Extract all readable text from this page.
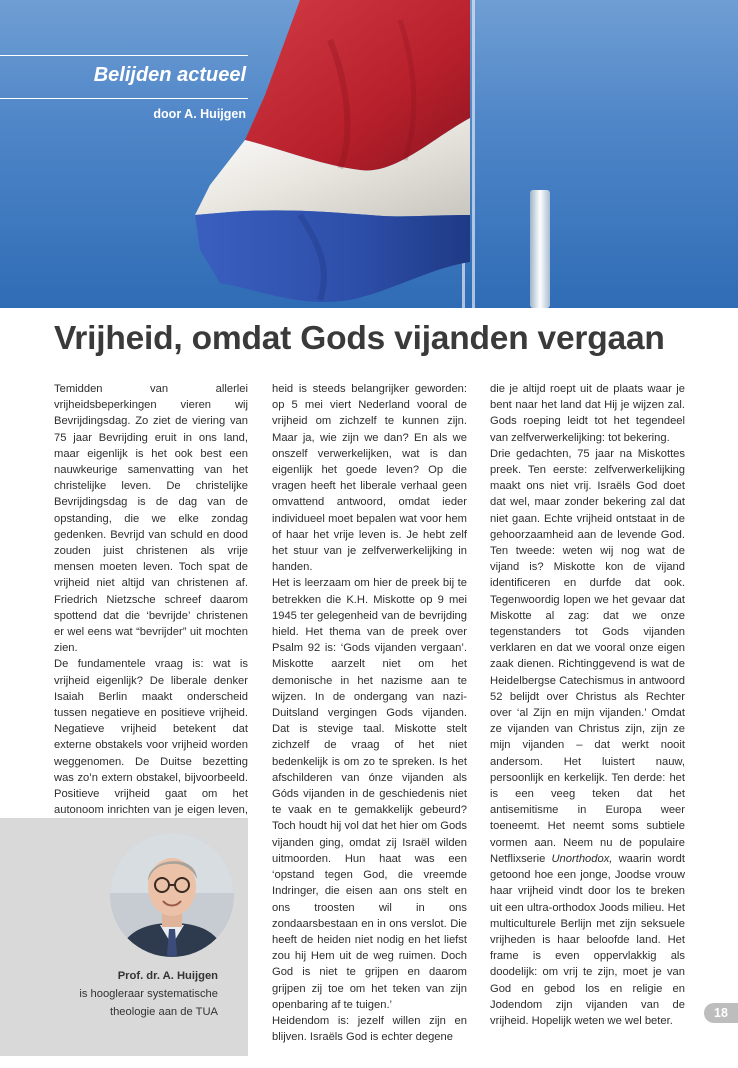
Belijden actueel
door A. Huijgen
Vrijheid, omdat Gods vijanden vergaan

Temidden van allerlei vrijheidsbeperkingen vieren wij Bevrijdingsdag. Zo ziet de viering van 75 jaar Bevrijding eruit in ons land, maar eigenlijk is het ook best een nauwkeurige samenvatting van het christelijke leven. De christelijke Bevrijdingsdag is de dag van de opstanding, die we elke zondag gedenken. Bevrijd van schuld en dood zouden juist christenen als vrije mensen moeten leven. Toch spat de vrijheid niet altijd van christenen af. Friedrich Nietzsche schreef daarom spottend dat die ‘bevrijde’ christenen er wel eens wat “bevrijder” uit mochten zien.

De fundamentele vraag is: wat is vrijheid eigenlijk? De liberale denker Isaiah Berlin maakt onderscheid tussen negatieve en positieve vrijheid. Negatieve vrijheid betekent dat externe obstakels voor vrijheid worden weggenomen. De Duitse bezetting was zo’n extern obstakel, bijvoorbeeld. Positieve vrijheid gaat om het autonoom inrichten van je eigen leven,

heid is steeds belangrijker geworden: op 5 mei viert Nederland vooral de vrijheid om zichzelf te kunnen zijn. Maar ja, wie zijn we dan? En als we onszelf verwerkelijken, wat is dan eigenlijk het goede leven? Op die vragen heeft het liberale verhaal geen omvattend antwoord, omdat ieder individueel moet bepalen wat voor hem of haar het vrije leven is. Je hebt zelf het stuur van je zelfverwerkelijking in handen.

Het is leerzaam om hier de preek bij te betrekken die K.H. Miskotte op 9 mei 1945 ter gelegenheid van de bevrijding hield. Het thema van de preek over Psalm 92 is: ‘Gods vijanden vergaan’. Miskotte aarzelt niet om het demonische in het nazisme aan te wijzen. In de ondergang van nazi-Duitsland vergingen Gods vijanden. Dat is stevige taal. Miskotte stelt zichzelf de vraag of het niet bedenkelijk is om zo te spreken. Is het afschilderen van ónze vijanden als Góds vijanden in de geschiedenis niet te vaak en te gemakkelijk gebeurd? Toch houdt hij vol dat het hier om Gods vijanden ging, omdat zij Israël wilden uitmoorden. Hun haat was een ‘opstand tegen God, die vreemde Indringer, die eisen aan ons stelt en ons troosten wil in ons zondaarsbestaan en in ons verslot. Die heeft de heiden niet nodig en het liefst zou hij Hem uit de weg ruimen. Doch God is niet te grijpen en daarom grijpen zij toe om het teken van zijn openbaring af te tuigen.’

Heidendom is: jezelf willen zijn en blijven. Israëls God is echter degene

die je altijd roept uit de plaats waar je bent naar het land dat Hij je wijzen zal. Gods roeping leidt tot het tegendeel van zelfverwerkelijking: tot bekering.

Drie gedachten, 75 jaar na Miskottes preek. Ten eerste: zelfverwerkelijking maakt ons niet vrij. Israëls God doet dat wel, maar zonder bekering zal dat niet gaan. Echte vrijheid ontstaat in de gehoorzaamheid aan de levende God. Ten tweede: weten wij nog wat de vijand is? Miskotte kon de vijand identificeren en durfde dat ook. Tegenwoordig lopen we het gevaar dat Miskotte al zag: dat we onze tegenstanders tot Gods vijanden verklaren en dat we vooral onze eigen zaak dienen. Richtinggevend is wat de Heidelbergse Catechismus in antwoord 52 belijdt over Christus als Rechter over ‘al Zijn en mijn vijanden.’ Omdat ze vijanden van Christus zijn, zijn ze mijn vijanden – dat werkt nooit andersom. Het luistert nauw, persoonlijk en kerkelijk. Ten derde: het is een veeg teken dat het antisemitisme in Europa weer toeneemt. Het neemt soms subtiele vormen aan. Neem nu de populaire Netflixserie Unorthodox, waarin wordt getoond hoe een jonge, Joodse vrouw haar vrijheid vindt door los te breken uit een ultra-orthodox Joods milieu. Het multiculturele Berlijn met zijn seksuele vrijheden is haar beloofde land. Het frame is even oppervlakkig als doodelijk: om vrij te zijn, moet je van God en gebod los en religie en Jodendom zijn vijanden van de vrijheid. Hopelijk weten we wel beter.

Prof. dr. A. Huijgen
is hoogleraar systematische
theologie aan de TUA	18
